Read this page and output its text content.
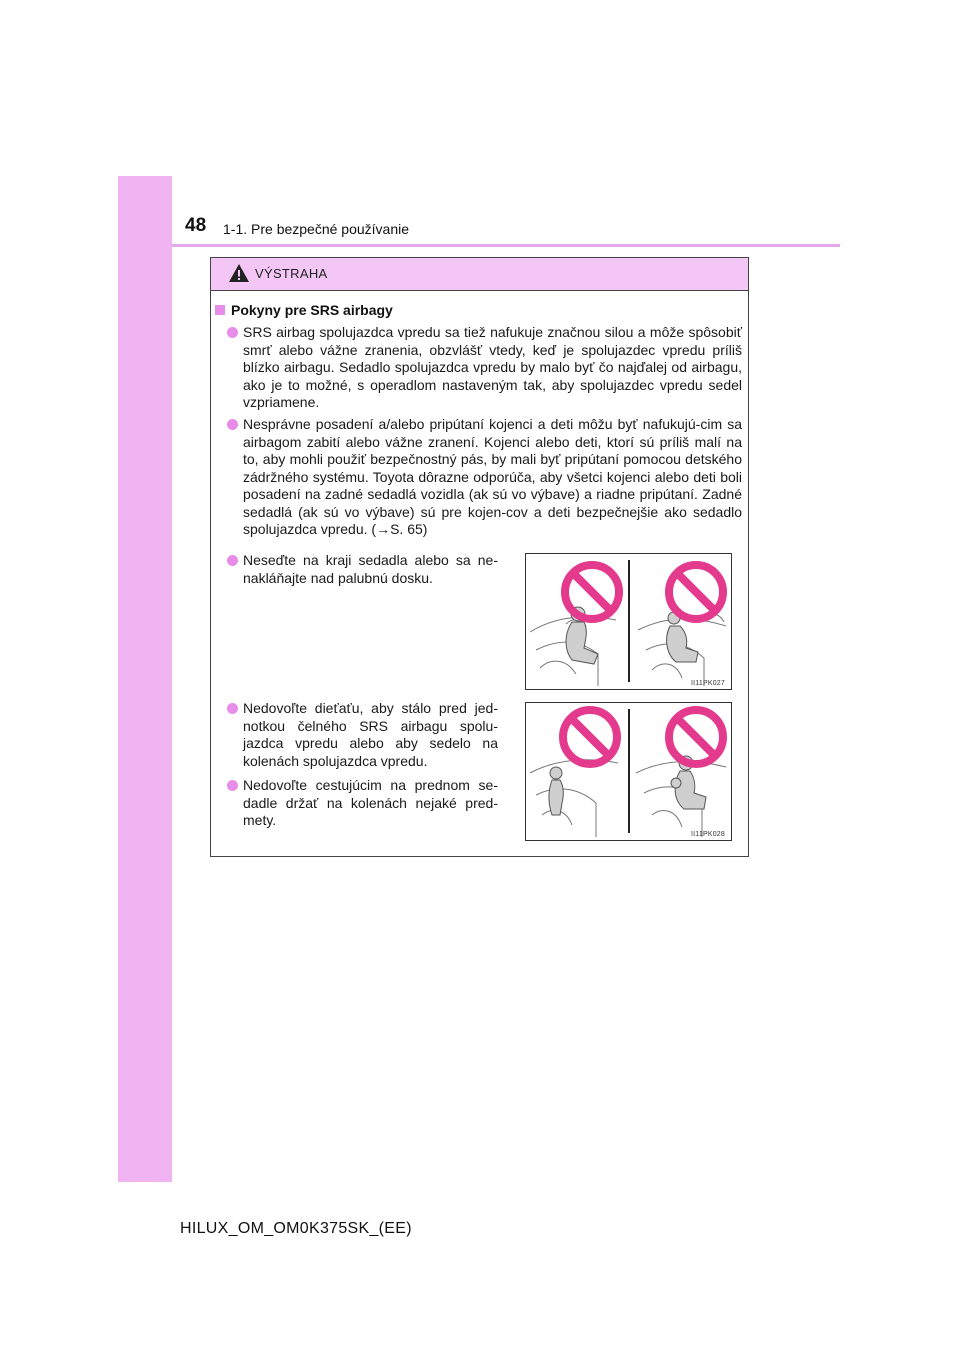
48 1-1. Pre bezpečné používanie
VÝSTRAHA
Pokyny pre SRS airbagy
SRS airbag spolujazdca vpredu sa tiež nafukuje značnou silou a môže spôsobiť smrť alebo vážne zranenia, obzvlášť vtedy, keď je spolujazdec vpredu príliš blízko airbagu. Sedadlo spolujazdca vpredu by malo byť čo najďalej od airbagu, ako je to možné, s operadlom nastaveným tak, aby spolujazdec vpredu sedel vzpriamene.
Nesprávne posadení a/alebo pripútaní kojenci a deti môžu byť nafukujú-cim sa airbagom zabití alebo vážne zranení. Kojenci alebo deti, ktorí sú príliš malí na to, aby mohli použiť bezpečnostný pás, by mali byť pripútaní pomocou detského zádržného systému. Toyota dôrazne odporúča, aby všetci kojenci alebo deti boli posadení na zadné sedadlá vozidla (ak sú vo výbave) a riadne pripútaní. Zadné sedadlá (ak sú vo výbave) sú pre kojen-cov a deti bezpečnejšie ako sedadlo spolujazdca vpredu. (→S. 65)
Neseďte na kraji sedadla alebo sa ne-nakláňajte nad palubnú dosku.
Nedovoľte dieťaťu, aby stálo pred jed-notkou čelného SRS airbagu spolu-jazdca vpredu alebo aby sedelo na kolenách spolujazdca vpredu.
Nedovoľte cestujúcim na prednom se-dadle držať na kolenách nejaké pred-mety.
II11PK027
II11PK028
HILUX_OM_OM0K375SK_(EE)
